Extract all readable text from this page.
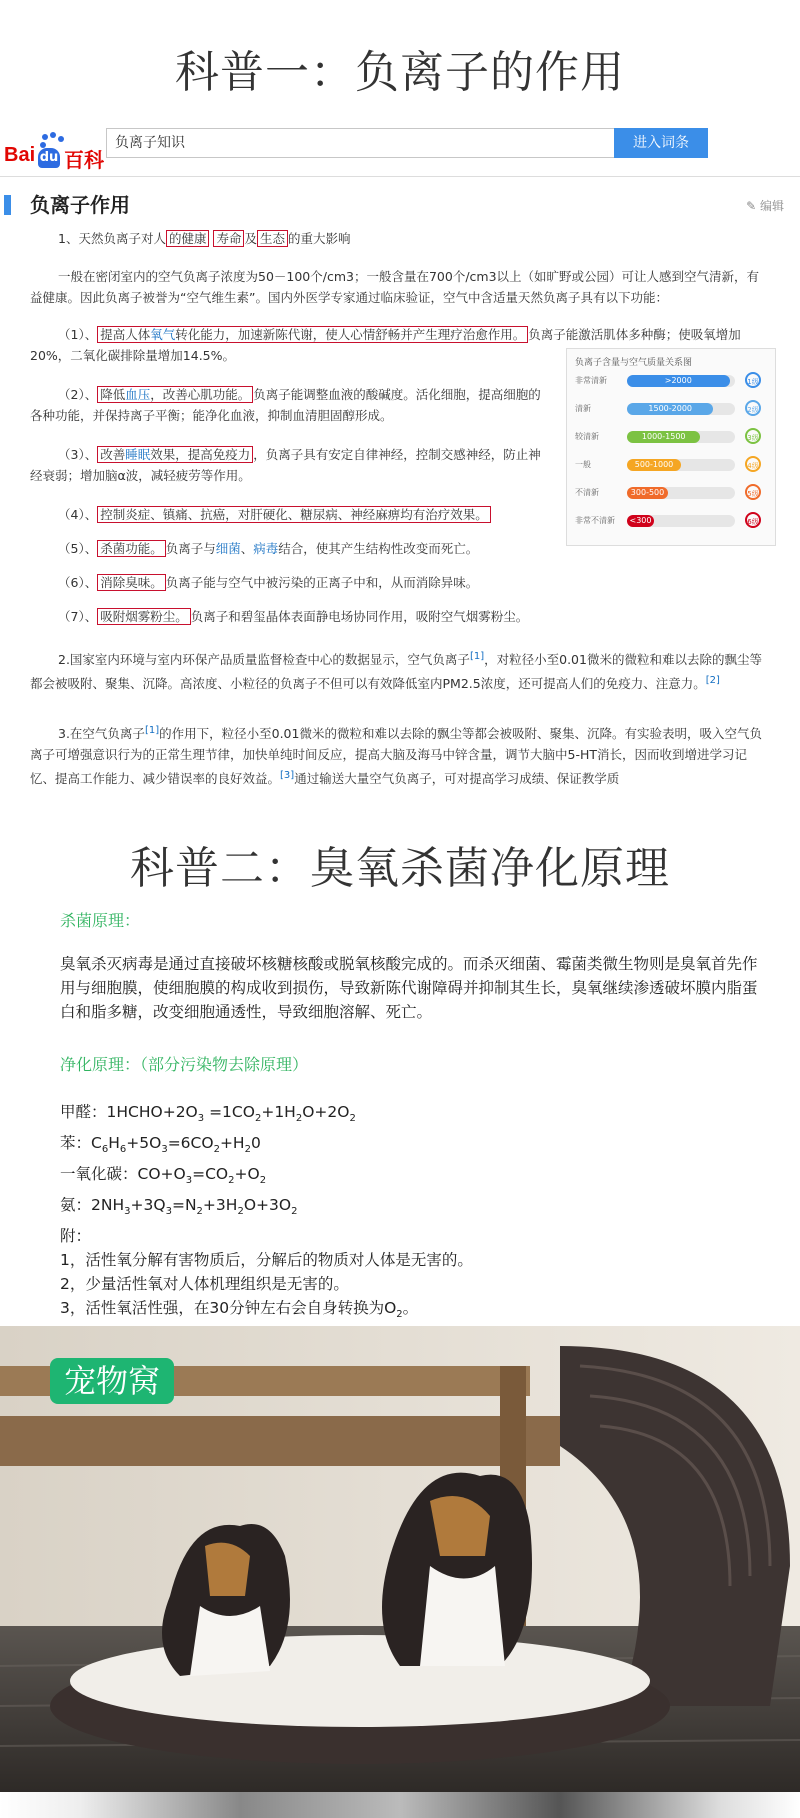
科普一：负离子的作用
Bai du 百科
负离子知识	进入词条
负离子作用	✎ 编辑
1、天然负离子对人 的健康 寿命 及 生态 的重大影响
一般在密闭室内的空气负离子浓度为50－100个/cm3；一般含量在700个/cm3以上（如旷野或公园）可让人感到空气清新，有益健康。因此负离子被誉为“空气维生素”。国内外医学专家通过临床验证，空气中含适量天然负离子具有以下功能：
（1）、 提高人体氧气转化能力，加速新陈代谢，使人心情舒畅并产生理疗治愈作用。 负离子能激活肌体多种酶；使吸氧增加20%，二氧化碳排除量增加14.5%。
（2）、 降低血压，改善心肌功能。 负离子能调整血液的酸碱度。活化细胞，提高细胞的各种功能，并保持离子平衡；能净化血液，抑制血清胆固醇形成。
（3）、 改善睡眠效果，提高免疫力 ，负离子具有安定自律神经，控制交感神经，防止神经衰弱；增加脑α波，减轻疲劳等作用。
（4）、 控制炎症、镇痛、抗癌，对肝硬化、糖尿病、神经麻痹均有治疗效果。
（5）、 杀菌功能。 负离子与细菌、病毒结合，使其产生结构性改变而死亡。
（6）、 消除臭味。 负离子能与空气中被污染的正离子中和，从而消除异味。
（7）、 吸附烟雾粉尘。 负离子和碧玺晶体表面静电场协同作用，吸附空气烟雾粉尘。
2.国家室内环境与室内环保产品质量监督检查中心的数据显示，空气负离子[1]，对粒径小至0.01微米的微粒和难以去除的飘尘等都会被吸附、聚集、沉降。高浓度、小粒径的负离子不但可以有效降低室内PM2.5浓度，还可提高人们的免疫力、注意力。[2]
3.在空气负离子[1]的作用下，粒径小至0.01微米的微粒和难以去除的飘尘等都会被吸附、聚集、沉降。有实验表明，吸入空气负离子可增强意识行为的正常生理节律，加快单纯时间反应，提高大脑及海马中锌含量，调节大脑中5-HT消长，因而收到增进学习记忆、提高工作能力、减少错误率的良好效益。[3]通过输送大量空气负离子，可对提高学习成绩、保证教学质
负离子含量与空气质量关系图
非常清新	>2000	1级
清新	1500-2000	2级
较清新	1000-1500	3级
一般	500-1000	4级
不清新	300-500	5级
非常不清新	<300	6级
科普二：臭氧杀菌净化原理
杀菌原理：
臭氧杀灭病毒是通过直接破坏核糖核酸或脱氧核酸完成的。而杀灭细菌、霉菌类微生物则是臭氧首先作用与细胞膜，使细胞膜的构成收到损伤，导致新陈代谢障碍并抑制其生长，臭氧继续渗透破坏膜内脂蛋白和脂多糖，改变细胞通透性，导致细胞溶解、死亡。
净化原理：（部分污染物去除原理）
甲醛：$1HCHO+2O_3 =1CO_2+1H_2O+2O_2$
苯：$C_6H_6+5O_3=6CO_2+H_20$
一氧化碳：$CO+O_3=CO_2+O_2$
氨：$2NH_3+3Q_3=N_2+3H_2O+3O_2$
附：
1，活性氧分解有害物质后，分解后的物质对人体是无害的。
2，少量活性氧对人体机理组织是无害的。
3，活性氧活性强，在30分钟左右会自身转换为$O_2$。
宠物窝
